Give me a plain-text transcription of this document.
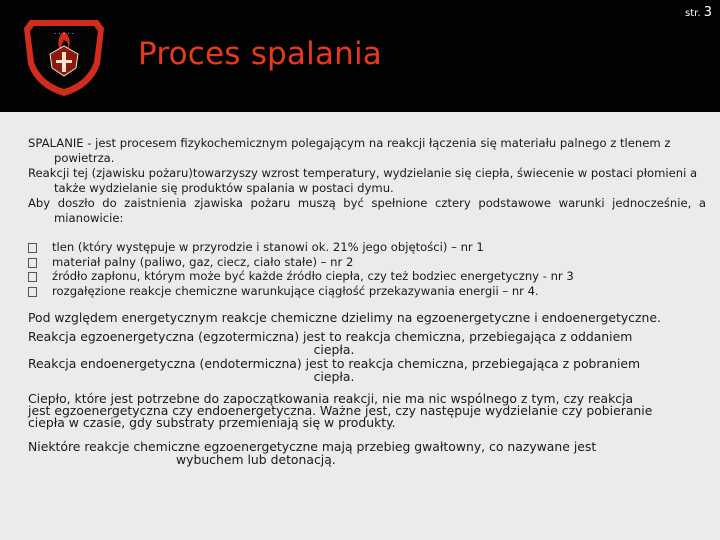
str. 3
· · · · ·
Proces spalania

SPALANIE - jest procesem fizykochemicznym polegającym na reakcji łączenia się materiału palnego z tlenem z powietrza.

Reakcji tej (zjawisku pożaru)towarzyszy wzrost temperatury, wydzielanie się ciepła, świecenie w postaci płomieni a także wydzielanie się produktów spalania w postaci dymu.

Aby doszło do zaistnienia zjawiska pożaru muszą być spełnione cztery podstawowe warunki jednocześnie, a mianowicie:

tlen (który występuje w przyrodzie i stanowi ok. 21% jego objętości) – nr 1
materiał palny (paliwo, gaz, ciecz, ciało stałe) – nr 2
źródło zapłonu, którym może być każde źródło ciepła, czy też bodziec energetyczny - nr 3
rozgałęzione reakcje chemiczne warunkujące ciągłość przekazywania energii – nr 4.

Pod względem energetycznym reakcje chemiczne dzielimy na egzoenergetyczne i endoenergetyczne.

Reakcja egzoenergetyczna (egzotermiczna) jest to reakcja chemiczna, przebiegająca z oddaniem

ciepła.

Reakcja endoenergetyczna (endotermiczna) jest to reakcja chemiczna, przebiegająca z pobraniem

ciepła.

Ciepło, które jest potrzebne do zapoczątkowania reakcji, nie ma nic wspólnego z tym, czy reakcja

jest egzoenergetyczna czy endoenergetyczna. Ważne jest, czy następuje wydzielanie czy pobieranie

ciepła w czasie, gdy substraty przemieniają się w produkty.

Niektóre reakcje chemiczne egzoenergetyczne mają przebieg gwałtowny, co nazywane jest

wybuchem lub detonacją.
